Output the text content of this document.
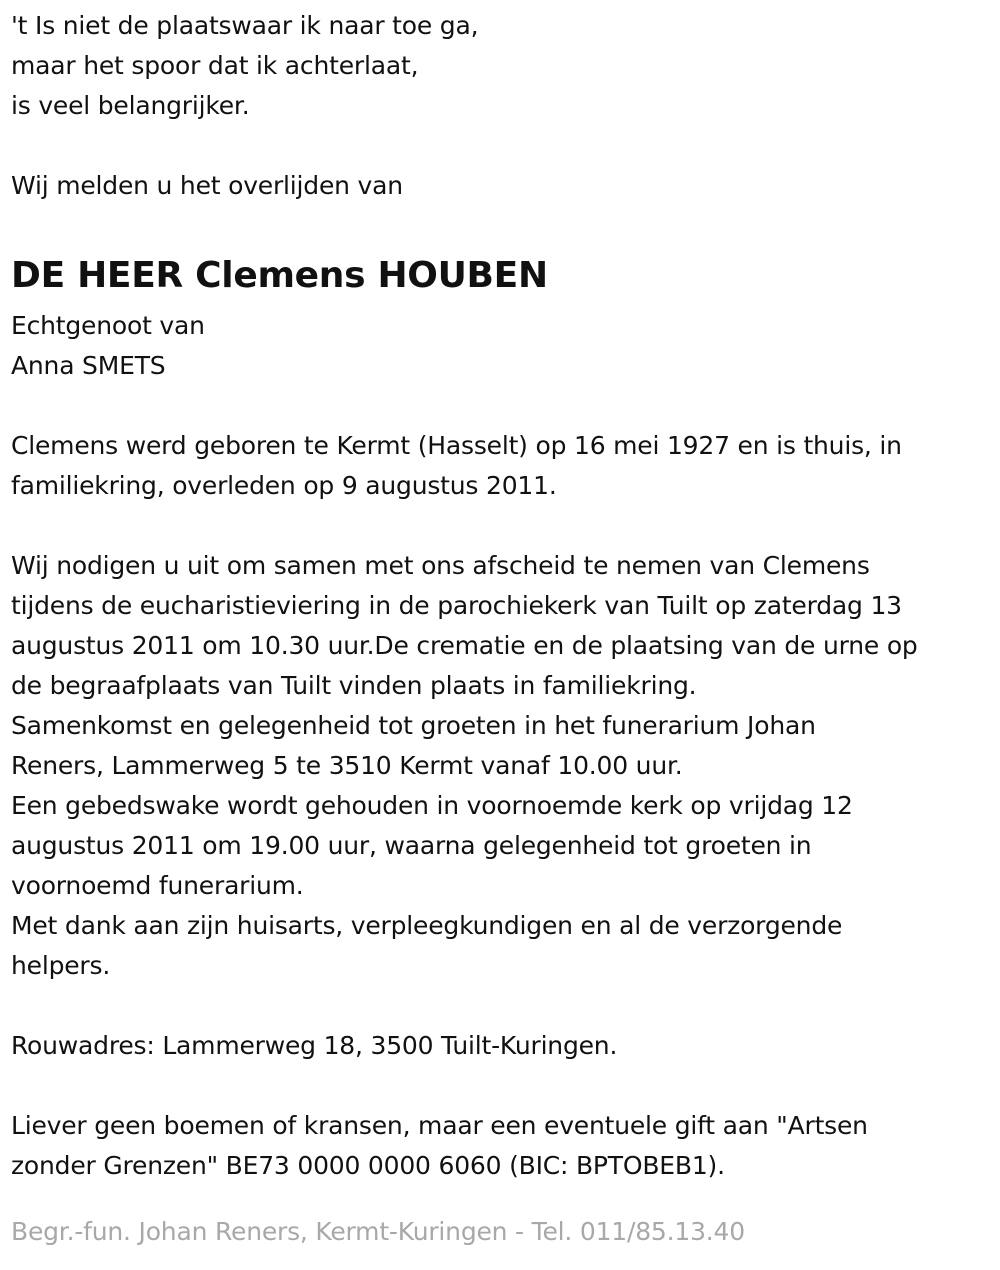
't Is niet de plaatswaar ik naar toe ga,
maar het spoor dat ik achterlaat,
is veel belangrijker.
Wij melden u het overlijden van
DE HEER Clemens HOUBEN
Echtgenoot van
Anna SMETS
Clemens werd geboren te Kermt (Hasselt) op 16 mei 1927 en is thuis, in
familiekring, overleden op 9 augustus 2011.
Wij nodigen u uit om samen met ons afscheid te nemen van Clemens
tijdens de eucharistieviering in de parochiekerk van Tuilt op zaterdag 13
augustus 2011 om 10.30 uur.De crematie en de plaatsing van de urne op
de begraafplaats van Tuilt vinden plaats in familiekring.
Samenkomst en gelegenheid tot groeten in het funerarium Johan
Reners, Lammerweg 5 te 3510 Kermt vanaf 10.00 uur.
Een gebedswake wordt gehouden in voornoemde kerk op vrijdag 12
augustus 2011 om 19.00 uur, waarna gelegenheid tot groeten in
voornoemd funerarium.
Met dank aan zijn huisarts, verpleegkundigen en al de verzorgende
helpers.
Rouwadres: Lammerweg 18, 3500 Tuilt-Kuringen.
Liever geen boemen of kransen, maar een eventuele gift aan "Artsen
zonder Grenzen" BE73 0000 0000 6060 (BIC: BPTOBEB1).
Begr.-fun. Johan Reners, Kermt-Kuringen - Tel. 011/85.13.40
